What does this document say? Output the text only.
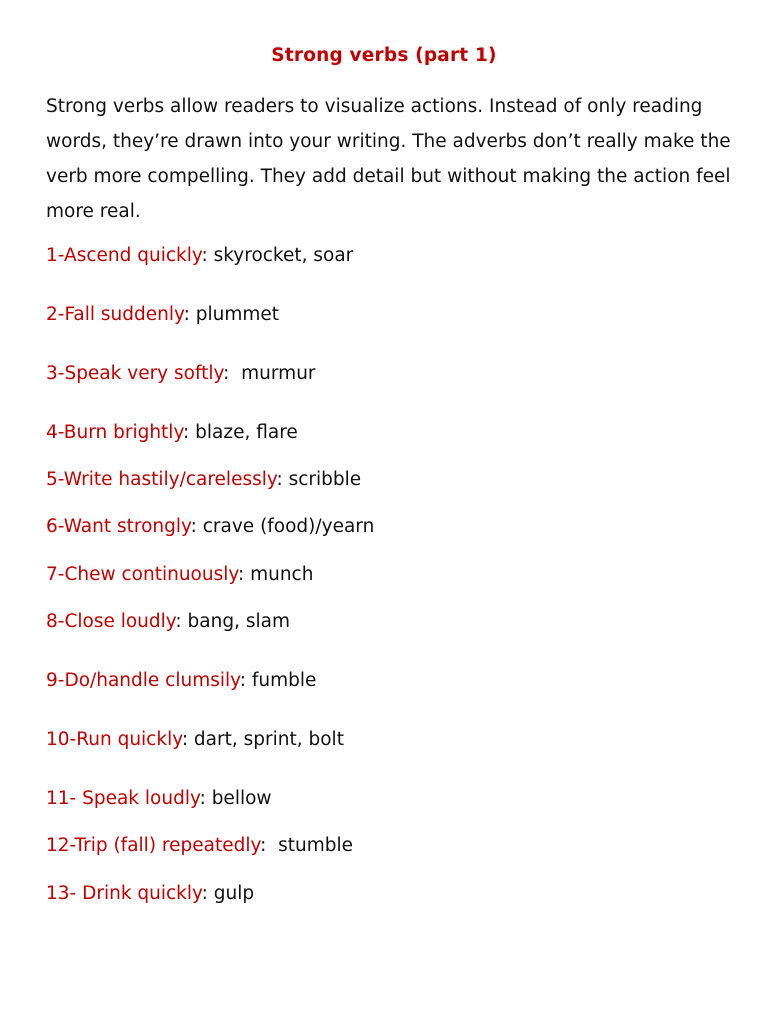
Strong verbs (part 1)

Strong verbs allow readers to visualize actions. Instead of only reading words, they’re drawn into your writing. The adverbs don’t really make the verb more compelling. They add detail but without making the action feel more real.

1-Ascend quickly: skyrocket, soar
2-Fall suddenly: plummet
3-Speak very softly:  murmur
4-Burn brightly: blaze, flare
5-Write hastily/carelessly: scribble
6-Want strongly: crave (food)/yearn
7-Chew continuously: munch
8-Close loudly: bang, slam
9-Do/handle clumsily: fumble
10-Run quickly: dart, sprint, bolt
11- Speak loudly: bellow
12-Trip (fall) repeatedly:  stumble
13- Drink quickly: gulp
